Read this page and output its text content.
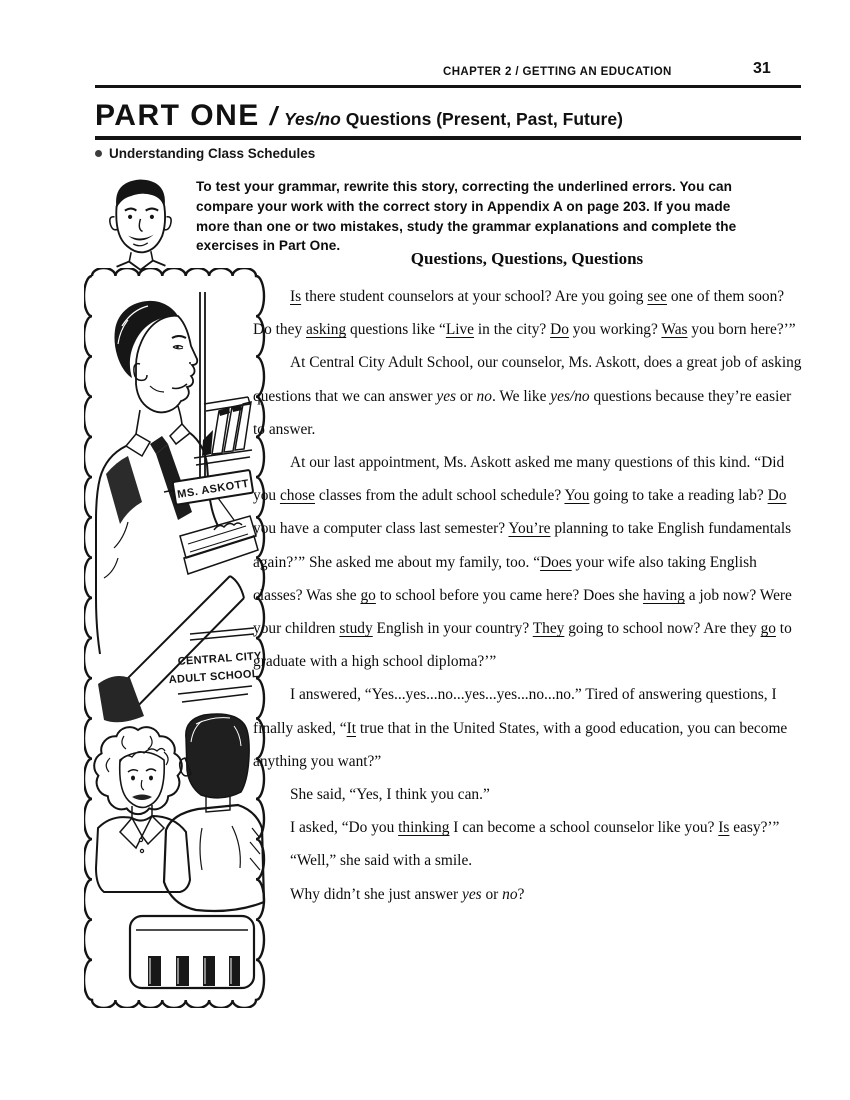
CHAPTER 2 / GETTING AN EDUCATION	31
PART ONE / Yes/no Questions (Present, Past, Future)
Understanding Class Schedules
To test your grammar, rewrite this story, correcting the underlined errors. You can
compare your work with the correct story in Appendix A on page 203. If you made
more than one or two mistakes, study the grammar explanations and complete the
exercises in Part One.
Questions, Questions, Questions
MS. ASKOTT
CENTRAL CITY
ADULT SCHOOL

Is there student counselors at your school? Are you going see one of them soon? Do they asking questions like “Live in the city? Do you working? Was you born here?’”

At Central City Adult School, our counselor, Ms. Askott, does a great job of asking questions that we can answer yes or no. We like yes/no questions because they’re easier to answer.

At our last appointment, Ms. Askott asked me many questions of this kind. “Did you chose classes from the adult school schedule? You going to take a reading lab? Do you have a computer class last semester? You’re planning to take English fundamentals again?’” She asked me about my family, too. “Does your wife also taking English classes? Was she go to school before you came here? Does she having a job now? Were your children study English in your country? They going to school now? Are they go to graduate with a high school diploma?’”

I answered, “Yes...yes...no...yes...yes...no...no.” Tired of answering questions, I finally asked, “It true that in the United States, with a good education, you can become anything you want?”

She said, “Yes, I think you can.”

I asked, “Do you thinking I can become a school counselor like you? Is easy?’”

“Well,” she said with a smile.

Why didn’t she just answer yes or no?
